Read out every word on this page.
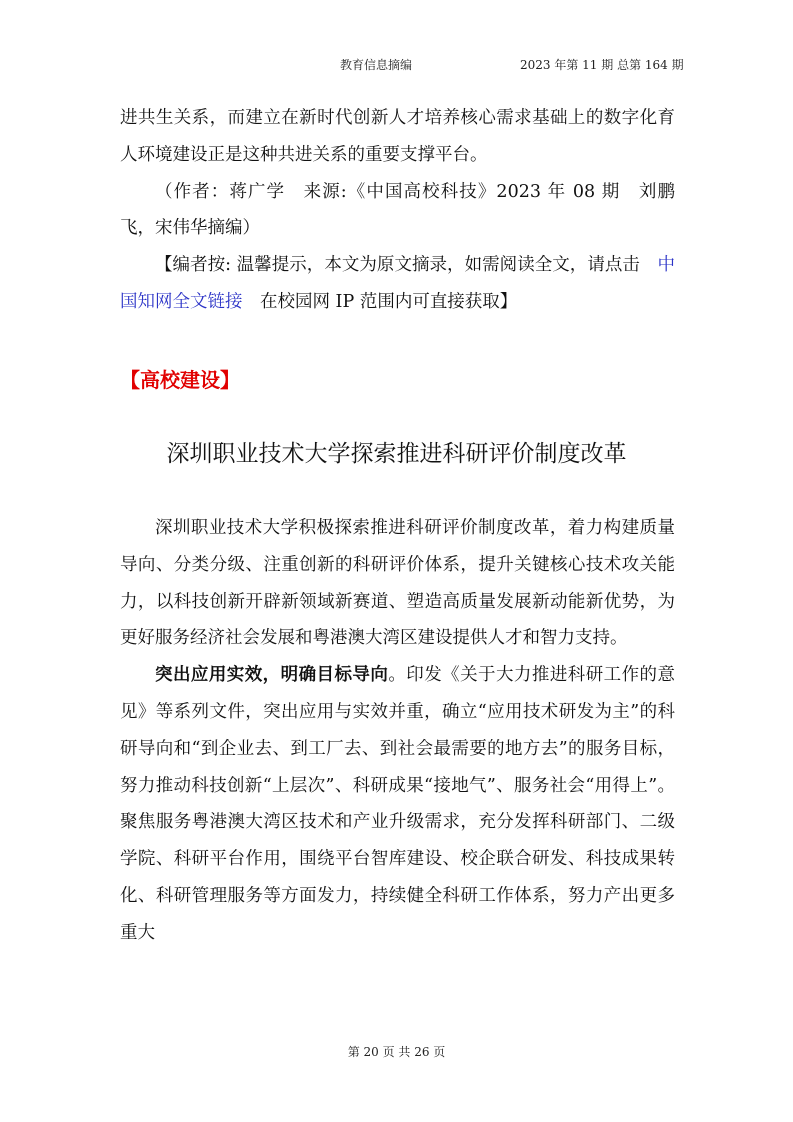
教育信息摘编	2023 年第 11 期 总第 164 期

进共生关系，而建立在新时代创新人才培养核心需求基础上的数字化育人环境建设正是这种共进关系的重要支撑平台。

（作者：蒋广学　来源:《中国高校科技》2023 年 08 期　刘鹏飞，宋伟华摘编）

【编者按: 温馨提示，本文为原文摘录，如需阅读全文，请点击　中国知网全文链接　在校园网 IP 范围内可直接获取】

【高校建设】
深圳职业技术大学探索推进科研评价制度改革

深圳职业技术大学积极探索推进科研评价制度改革，着力构建质量导向、分类分级、注重创新的科研评价体系，提升关键核心技术攻关能力，以科技创新开辟新领域新赛道、塑造高质量发展新动能新优势，为更好服务经济社会发展和粤港澳大湾区建设提供人才和智力支持。

突出应用实效，明确目标导向。印发《关于大力推进科研工作的意见》等系列文件，突出应用与实效并重，确立“应用技术研发为主”的科研导向和“到企业去、到工厂去、到社会最需要的地方去”的服务目标，努力推动科技创新“上层次”、科研成果“接地气”、服务社会“用得上”。聚焦服务粤港澳大湾区技术和产业升级需求，充分发挥科研部门、二级学院、科研平台作用，围绕平台智库建设、校企联合研发、科技成果转化、科研管理服务等方面发力，持续健全科研工作体系，努力产出更多重大

第 20 页 共 26 页
